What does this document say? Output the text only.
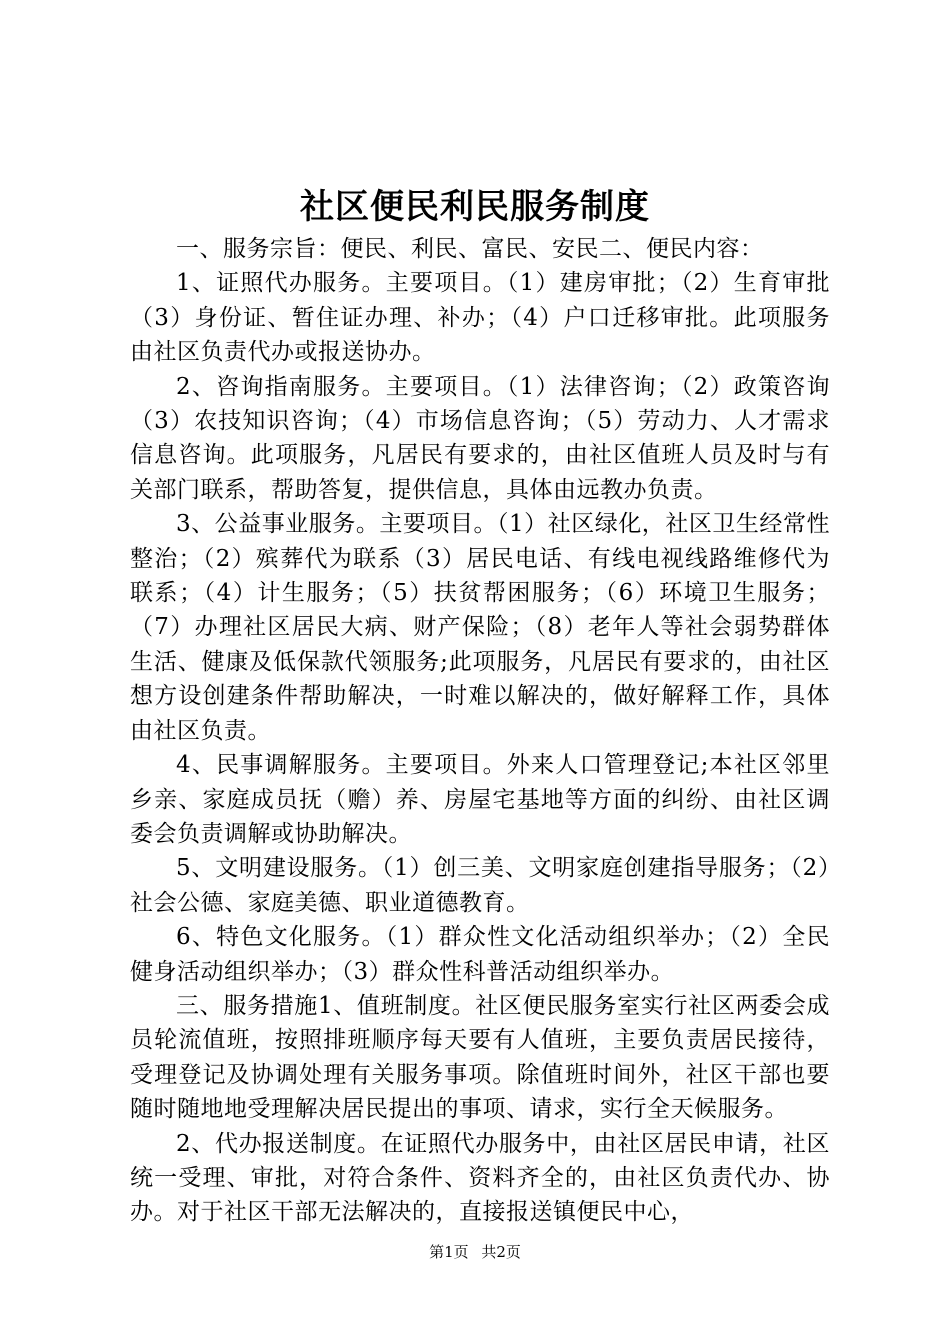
社区便民利民服务制度

一、服务宗旨：便民、利民、富民、安民二、便民内容：

1、证照代办服务。主要项目。（1）建房审批；（2）生育审批（3）身份证、暂住证办理、补办；（4）户口迁移审批。此项服务由社区负责代办或报送协办。

2、咨询指南服务。主要项目。（1）法律咨询；（2）政策咨询（3）农技知识咨询；（4）市场信息咨询；（5）劳动力、人才需求信息咨询。此项服务，凡居民有要求的，由社区值班人员及时与有关部门联系，帮助答复，提供信息，具体由远教办负责。

3、公益事业服务。主要项目。（1）社区绿化，社区卫生经常性整治；（2）殡葬代为联系（3）居民电话、有线电视线路维修代为联系；（4）计生服务；（5）扶贫帮困服务；（6）环境卫生服务；（7）办理社区居民大病、财产保险；（8）老年人等社会弱势群体生活、健康及低保款代领服务;此项服务，凡居民有要求的，由社区想方设创建条件帮助解决，一时难以解决的，做好解释工作，具体由社区负责。

4、民事调解服务。主要项目。外来人口管理登记;本社区邻里乡亲、家庭成员抚（赡）养、房屋宅基地等方面的纠纷、由社区调委会负责调解或协助解决。

5、文明建设服务。（1）创三美、文明家庭创建指导服务；（2）社会公德、家庭美德、职业道德教育。

6、特色文化服务。（1）群众性文化活动组织举办；（2）全民健身活动组织举办；（3）群众性科普活动组织举办。

三、服务措施1、值班制度。社区便民服务室实行社区两委会成员轮流值班，按照排班顺序每天要有人值班，主要负责居民接待，受理登记及协调处理有关服务事项。除值班时间外，社区干部也要随时随地地受理解决居民提出的事项、请求，实行全天候服务。

2、代办报送制度。在证照代办服务中，由社区居民申请，社区统一受理、审批，对符合条件、资料齐全的，由社区负责代办、协办。对于社区干部无法解决的，直接报送镇便民中心，

第1页 共2页
